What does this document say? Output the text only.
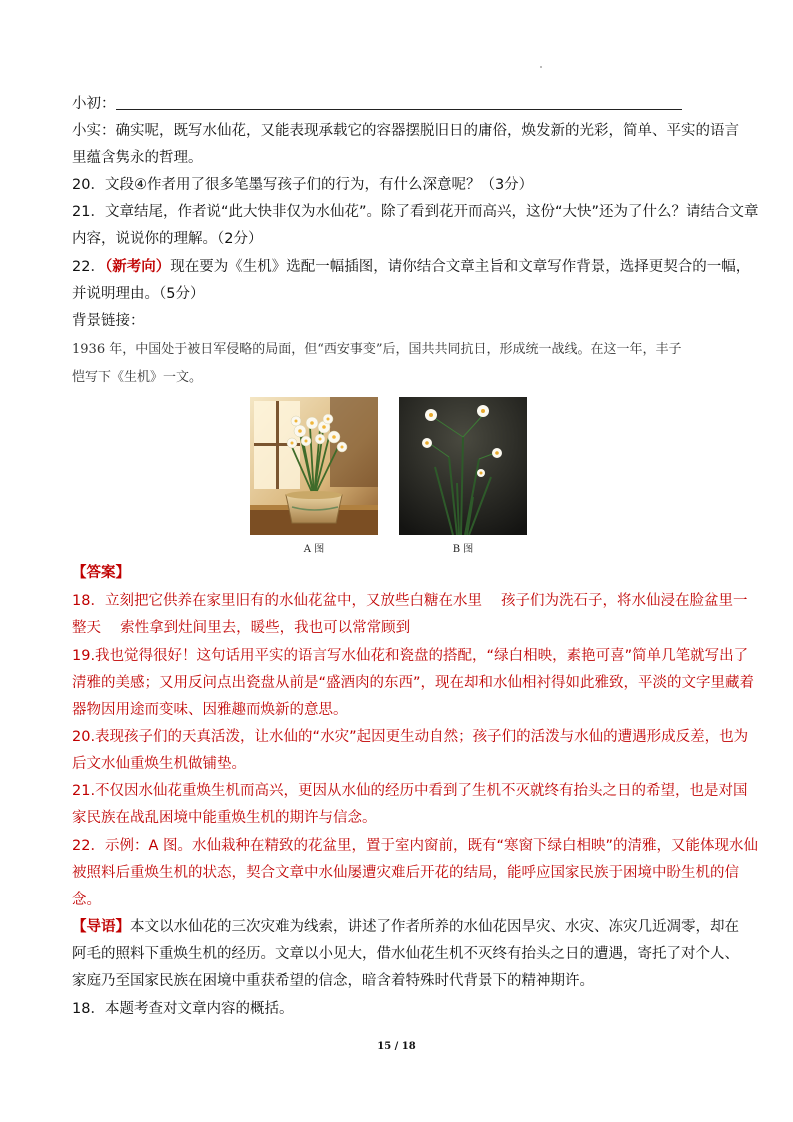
小初：
小实：确实呢，既写水仙花，又能表现承载它的容器摆脱旧日的庸俗，焕发新的光彩，简单、平实的语言
里蕴含隽永的哲理。
20．文段④作者用了很多笔墨写孩子们的行为，有什么深意呢？（3分）
21．文章结尾，作者说“此大快非仅为水仙花”。除了看到花开而高兴，这份“大快”还为了什么？请结合文章
内容，说说你的理解。（2分）
22．（新考向）现在要为《生机》选配一幅插图，请你结合文章主旨和文章写作背景，选择更契合的一幅，
并说明理由。（5分）
背景链接：
1936 年，中国处于被日军侵略的局面，但“西安事变”后，国共共同抗日，形成统一战线。在这一年，丰子
恺写下《生机》一文。
A 图	B 图
【答案】
18．立刻把它供养在家里旧有的水仙花盆中，又放些白糖在水里　 孩子们为洗石子，将水仙浸在脸盆里一
整天　 索性拿到灶间里去，暖些，我也可以常常顾到
19.我也觉得很好！这句话用平实的语言写水仙花和瓷盘的搭配，“绿白相映，素艳可喜”简单几笔就写出了
清雅的美感；又用反问点出瓷盘从前是“盛酒肉的东西”，现在却和水仙相衬得如此雅致，平淡的文字里藏着
器物因用途而变味、因雅趣而焕新的意思。
20.表现孩子们的天真活泼，让水仙的“水灾”起因更生动自然；孩子们的活泼与水仙的遭遇形成反差，也为
后文水仙重焕生机做铺垫。
21.不仅因水仙花重焕生机而高兴，更因从水仙的经历中看到了生机不灭就终有抬头之日的希望，也是对国
家民族在战乱困境中能重焕生机的期许与信念。
22．示例：A 图。水仙栽种在精致的花盆里，置于室内窗前，既有“寒窗下绿白相映”的清雅，又能体现水仙
被照料后重焕生机的状态，契合文章中水仙屡遭灾难后开花的结局，能呼应国家民族于困境中盼生机的信
念。
【导语】本文以水仙花的三次灾难为线索，讲述了作者所养的水仙花因旱灾、水灾、冻灾几近凋零，却在
阿毛的照料下重焕生机的经历。文章以小见大，借水仙花生机不灭终有抬头之日的遭遇，寄托了对个人、
家庭乃至国家民族在困境中重获希望的信念，暗含着特殊时代背景下的精神期许。
18．本题考查对文章内容的概括。
15 / 18
